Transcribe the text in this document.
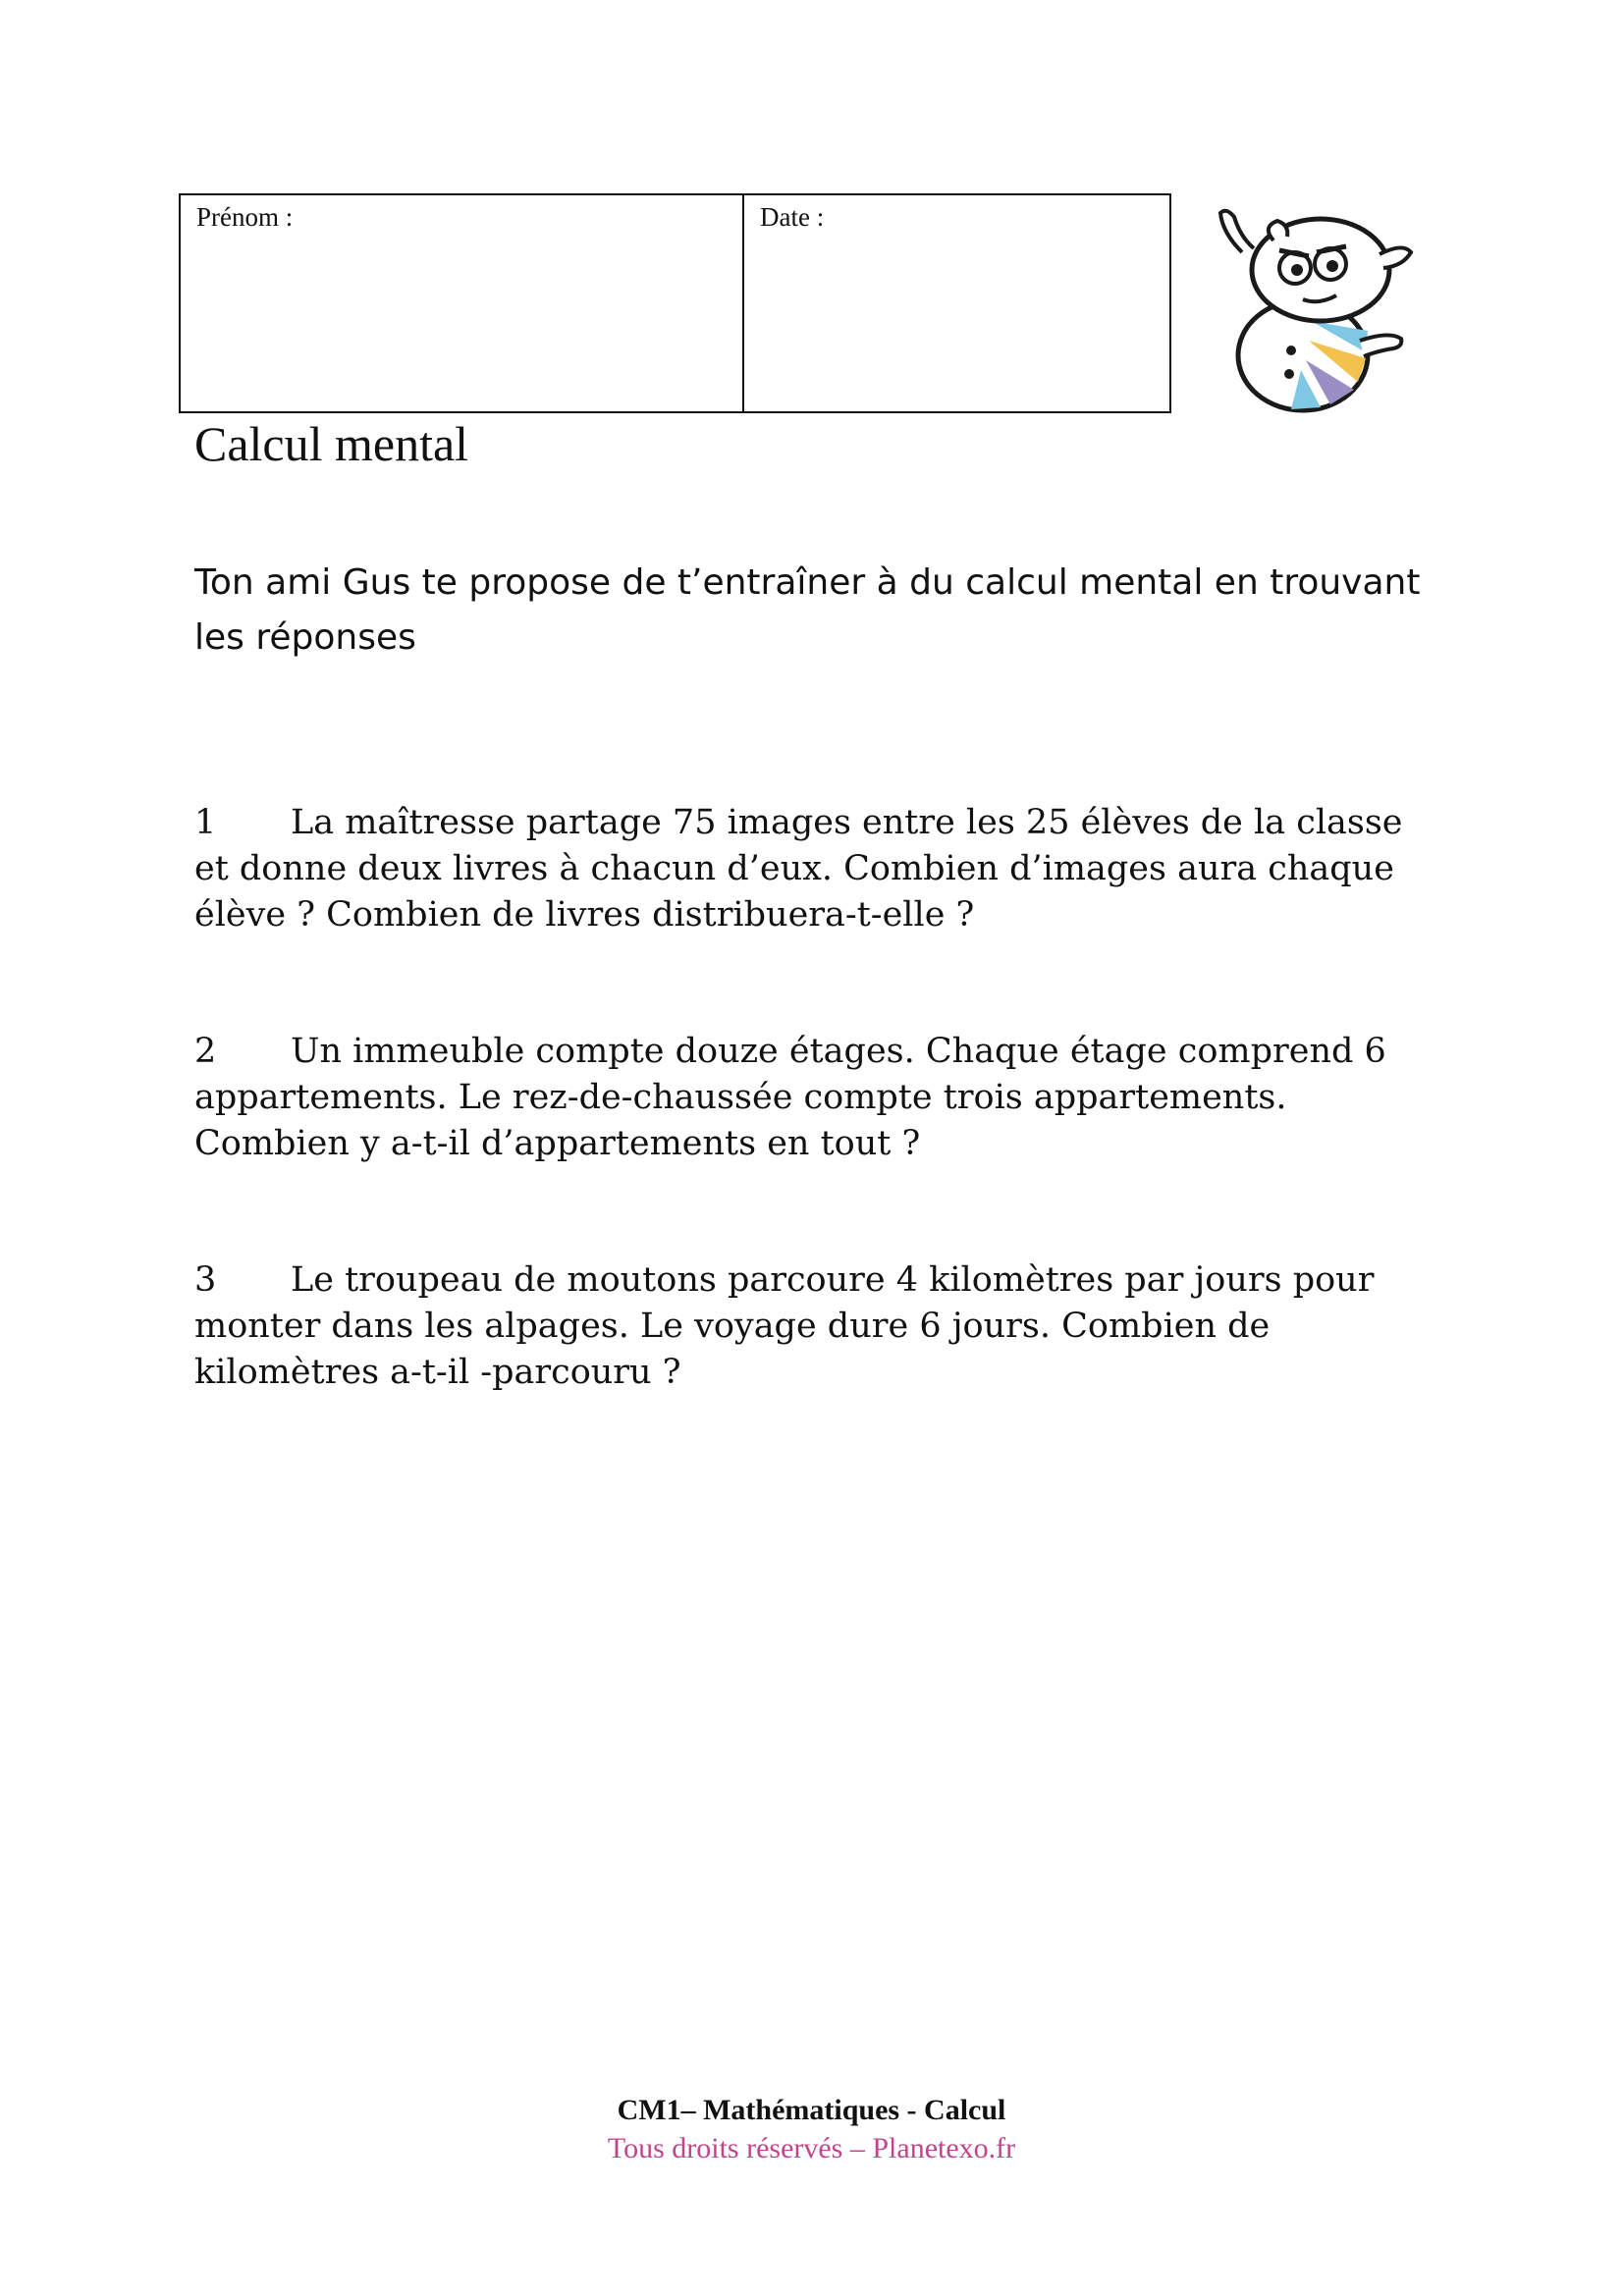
Prénom :	Date :
Calcul mental

Ton ami Gus te propose de t’entraîner à du calcul mental en trouvant les réponses

1 La maîtresse partage 75 images entre les 25 élèves de la classe et donne deux livres à chacun d’eux. Combien d’images aura chaque élève ? Combien de livres distribuera-t-elle ?

2 Un immeuble compte douze étages. Chaque étage comprend 6 appartements. Le rez-de-chaussée compte trois appartements. Combien y a-t-il d’appartements en tout ?

3 Le troupeau de moutons parcoure 4 kilomètres par jours pour monter dans les alpages. Le voyage dure 6 jours. Combien de kilomètres a-t-il -parcouru ?

CM1– Mathématiques - Calcul
Tous droits réservés – Planetexo.fr
